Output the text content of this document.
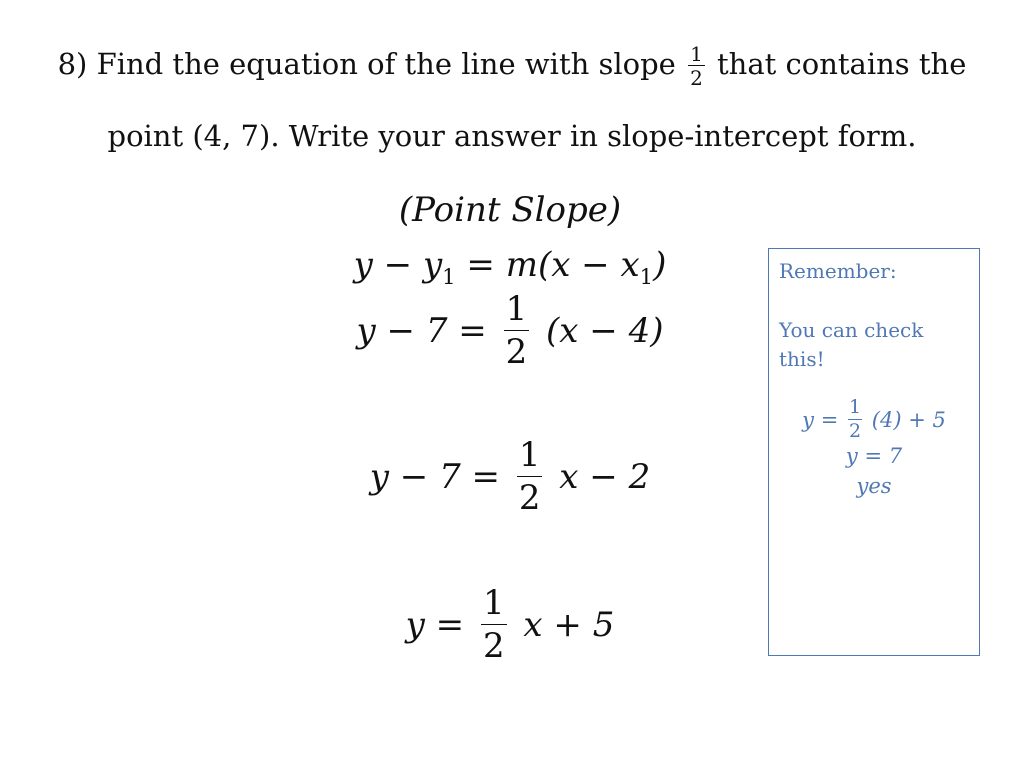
8) Find the equation of the line with slope $\frac{1}{2}$ that contains the
point (4, 7). Write your answer in slope-intercept form.
(Point Slope)
$y - y_1 = m(x - x_1)$
$y - 7 = \frac{1}{2} (x - 4)$
$y - 7 = \frac{1}{2}$ x − 2
$y = \frac{1}{2}$ x + 5
Remember:
You can check this!
$y = \frac{1}{2} (4) + 5$
y = 7
yes
